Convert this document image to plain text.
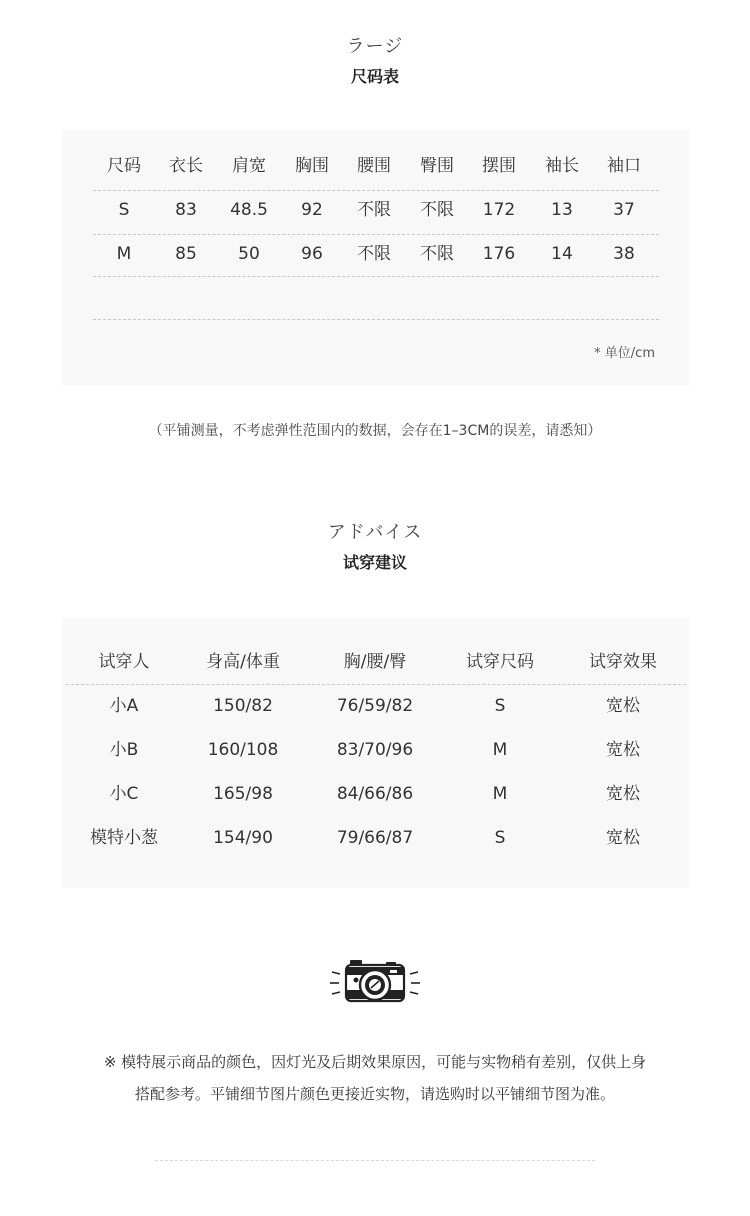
ラージ
尺码表
尺码 衣长 肩宽 胸围 腰围 臀围 摆围 袖长 袖口
S	83 48.5 92 不限 不限 172 13 37
M	85 50 96 不限 不限 176 14 38
* 单位/cm
（平铺测量，不考虑弹性范围内的数据，会存在1–3CM的误差，请悉知）
アドバイス
试穿建议
试穿人	身高/体重	胸/腰/臀	试穿尺码	试穿效果
小A	150/82	76/59/82	S	宽松
小B	160/108	83/70/96	M	宽松
小C	165/98	84/66/86	M	宽松
模特小葱	154/90	79/66/87	S	宽松
※ 模特展示商品的颜色，因灯光及后期效果原因，可能与实物稍有差别，仅供上身
搭配参考。平铺细节图片颜色更接近实物，请选购时以平铺细节图为准。
